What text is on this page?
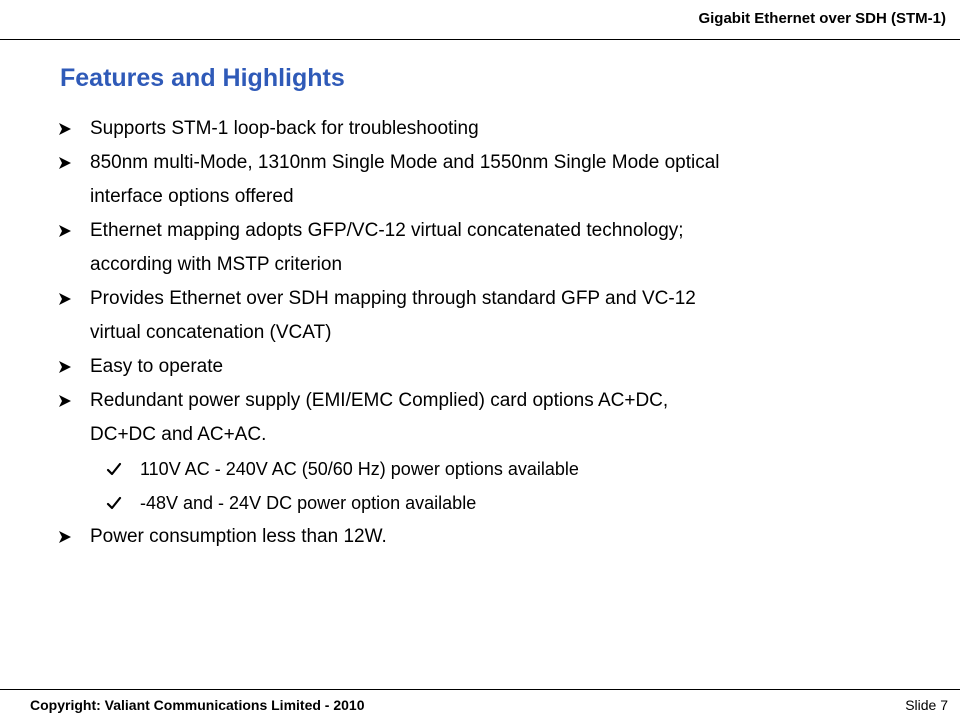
Gigabit Ethernet over SDH (STM-1)
Features and Highlights
Supports STM-1 loop-back for troubleshooting
850nm multi-Mode, 1310nm Single Mode and 1550nm Single Mode optical
interface options offered
Ethernet mapping adopts GFP/VC-12 virtual concatenated technology;
according with MSTP criterion
Provides Ethernet over SDH mapping through standard GFP and VC-12
virtual concatenation (VCAT)
Easy to operate
Redundant power supply (EMI/EMC Complied) card options AC+DC,
DC+DC and AC+AC.
110V AC - 240V AC (50/60 Hz) power options available
-48V and - 24V DC power option available
Power consumption less than 12W.
Copyright: Valiant Communications Limited - 2010	Slide 7
